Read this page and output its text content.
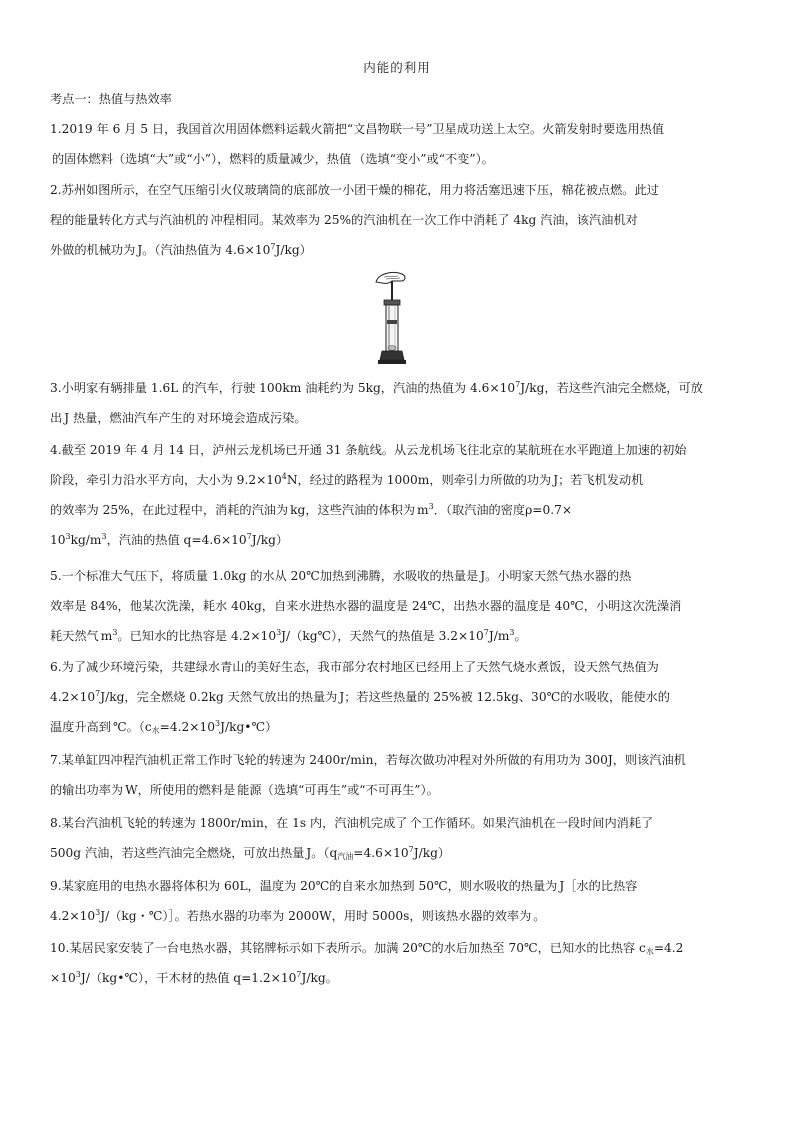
内能的利用
考点一：热值与热效率
1.2019 年 6 月 5 日，我国首次用固体燃料运载火箭把“文昌物联一号”卫星成功送上太空。火箭发射时要选用热值
的固体燃料（选填“大”或“小”），燃料的质量减少，热值 （选填“变小”或“不变”）。
2.苏州如图所示，在空气压缩引火仪玻璃筒的底部放一小团干燥的棉花，用力将活塞迅速下压，棉花被点燃。此过
程的能量转化方式与汽油机的 冲程相同。某效率为 25%的汽油机在一次工作中消耗了 4kg 汽油，该汽油机对
外做的机械功为 J。（汽油热值为 $4.6\times 10^7J/kg$）
3.小明家有辆排量 1.6L 的汽车，行驶 100km 油耗约为 5kg，汽油的热值为 $4.6\times 10^7J/kg$，若这些汽油完全燃烧，可放
出 J 热量，燃油汽车产生的 对环境会造成污染。
4.截至 2019 年 4 月 14 日，泸州云龙机场已开通 31 条航线。从云龙机场飞往北京的某航班在水平跑道上加速的初始
阶段，牵引力沿水平方向，大小为 $9.2\times 10^4N$，经过的路程为 1000m，则牵引力所做的功为 J；若飞机发动机
的效率为 25%，在此过程中，消耗的汽油为 kg，这些汽油的体积为 $m^3$．（取汽油的密度ρ=0.7×
$10^3kg/m^3$，汽油的热值 $q=4.6\times 10^7J/kg$）
5.一个标准大气压下，将质量 1.0kg 的水从 20℃加热到沸腾，水吸收的热量是 J。小明家天然气热水器的热
效率是 84%，他某次洗澡，耗水 40kg，自来水进热水器的温度是 24℃，出热水器的温度是 40℃，小明这次洗澡消
耗天然气 $m^3$。已知水的比热容是 $4.2\times 10^3J/(kg℃)$，天然气的热值是 $3.2\times 10^7J/m^3$。
6.为了减少环境污染，共建绿水青山的美好生态，我市部分农村地区已经用上了天然气烧水煮饭，设天然气热值为
$4.2\times 10^7J/kg$，完全燃烧 0.2kg 天然气放出的热量为 J；若这些热量的 25%被 12.5kg、30℃的水吸收，能使水的
温度升高到 ℃。$(c_水=4.2\times 10^3J/kg•℃)$
7.某单缸四冲程汽油机正常工作时飞轮的转速为 2400r/min，若每次做功冲程对外所做的有用功为 300J，则该汽油机
的输出功率为 W，所使用的燃料是 能源（选填“可再生”或“不可再生”）。
8.某台汽油机飞轮的转速为 1800r/min，在 1s 内，汽油机完成了 个工作循环。如果汽油机在一段时间内消耗了
500g 汽油，若这些汽油完全燃烧，可放出热量 J。$(q_{汽油}=4.6\times 10^7J/kg)$
9.某家庭用的电热水器将体积为 60L，温度为 20℃的自来水加热到 50℃，则水吸收的热量为 J［水的比热容
$4.2\times 10^3J/(kg$・℃）］。若热水器的功率为 2000W，用时 5000s，则该热水器的效率为 。
10.某居民家安装了一台电热水器，其铭牌标示如下表所示。加满 20℃的水后加热至 70℃，已知水的比热容 $c_水=4.2$
$\times 10^3J/(kg•℃)$，干木材的热值 $q=1.2\times 10^7J/kg$。
